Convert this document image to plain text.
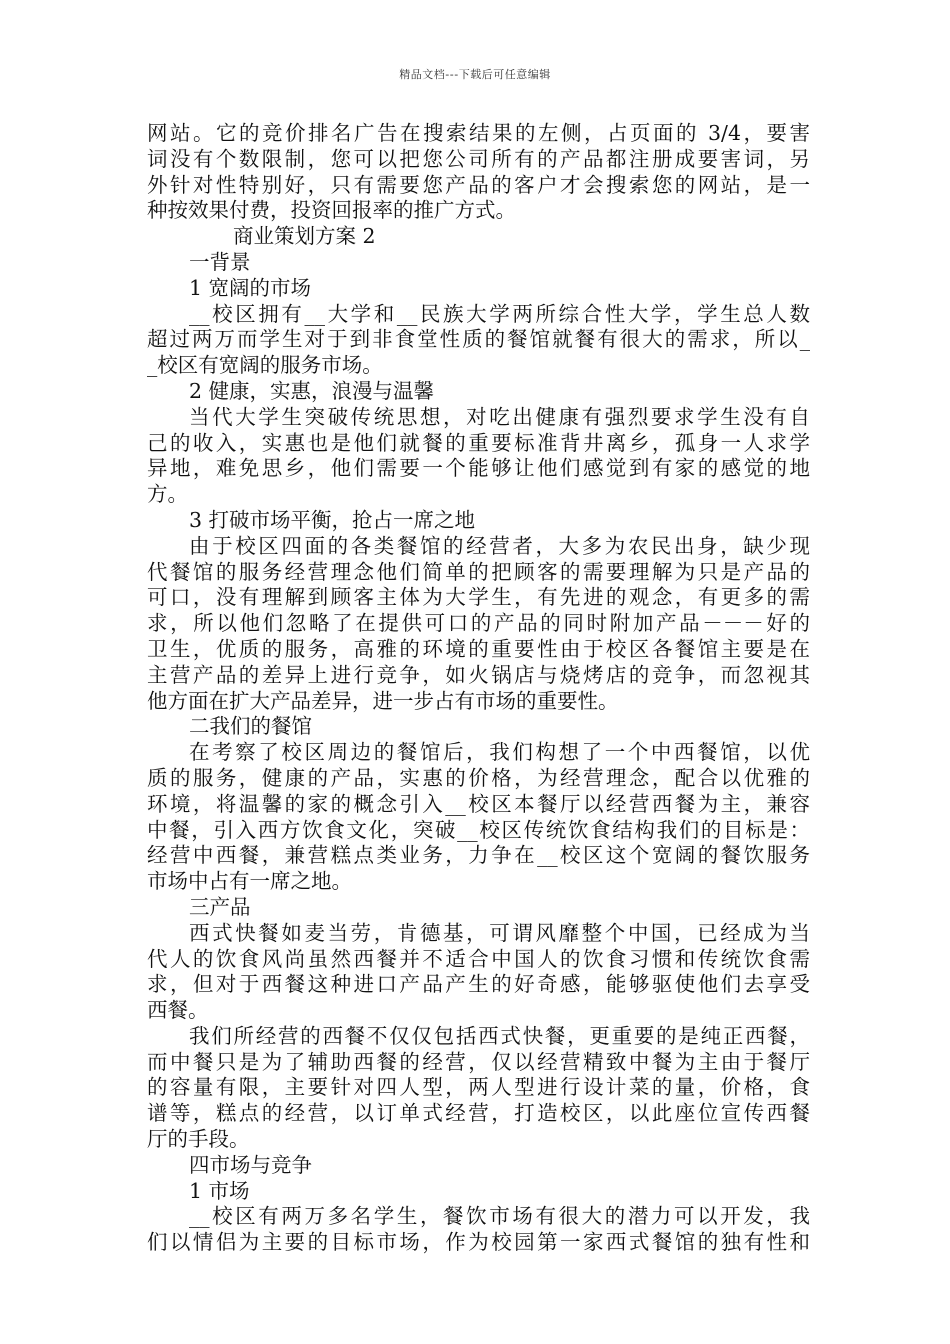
精品文档---下载后可任意编辑
网站。它的竞价排名广告在搜索结果的左侧，占页面的 3/4，要害
词没有个数限制，您可以把您公司所有的产品都注册成要害词，另
外针对性特别好，只有需要您产品的客户才会搜索您的网站，是一
种按效果付费，投资回报率的推广方式。
商业策划方案 2
一背景
1 宽阔的市场
__校区拥有__大学和__民族大学两所综合性大学，学生总人数
超过两万而学生对于到非食堂性质的餐馆就餐有很大的需求，所以_
_校区有宽阔的服务市场。
2 健康，实惠，浪漫与温馨
当代大学生突破传统思想，对吃出健康有强烈要求学生没有自
己的收入，实惠也是他们就餐的重要标准背井离乡，孤身一人求学
异地，难免思乡，他们需要一个能够让他们感觉到有家的感觉的地
方。
3 打破市场平衡，抢占一席之地
由于校区四面的各类餐馆的经营者，大多为农民出身，缺少现
代餐馆的服务经营理念他们简单的把顾客的需要理解为只是产品的
可口，没有理解到顾客主体为大学生，有先进的观念，有更多的需
求，所以他们忽略了在提供可口的产品的同时附加产品－－－好的
卫生，优质的服务，高雅的环境的重要性由于校区各餐馆主要是在
主营产品的差异上进行竞争，如火锅店与烧烤店的竞争，而忽视其
他方面在扩大产品差异，进一步占有市场的重要性。
二我们的餐馆
在考察了校区周边的餐馆后，我们构想了一个中西餐馆，以优
质的服务，健康的产品，实惠的价格，为经营理念，配合以优雅的
环境，将温馨的家的概念引入__校区本餐厅以经营西餐为主，兼容
中餐，引入西方饮食文化，突破__校区传统饮食结构我们的目标是：
经营中西餐，兼营糕点类业务，力争在__校区这个宽阔的餐饮服务
市场中占有一席之地。
三产品
西式快餐如麦当劳，肯德基，可谓风靡整个中国，已经成为当
代人的饮食风尚虽然西餐并不适合中国人的饮食习惯和传统饮食需
求，但对于西餐这种进口产品产生的好奇感，能够驱使他们去享受
西餐。
我们所经营的西餐不仅仅包括西式快餐，更重要的是纯正西餐，
而中餐只是为了辅助西餐的经营，仅以经营精致中餐为主由于餐厅
的容量有限，主要针对四人型，两人型进行设计菜的量，价格，食
谱等，糕点的经营，以订单式经营，打造校区，以此座位宣传西餐
厅的手段。
四市场与竞争
1 市场
__校区有两万多名学生，餐饮市场有很大的潜力可以开发，我
们以情侣为主要的目标市场，作为校园第一家西式餐馆的独有性和
